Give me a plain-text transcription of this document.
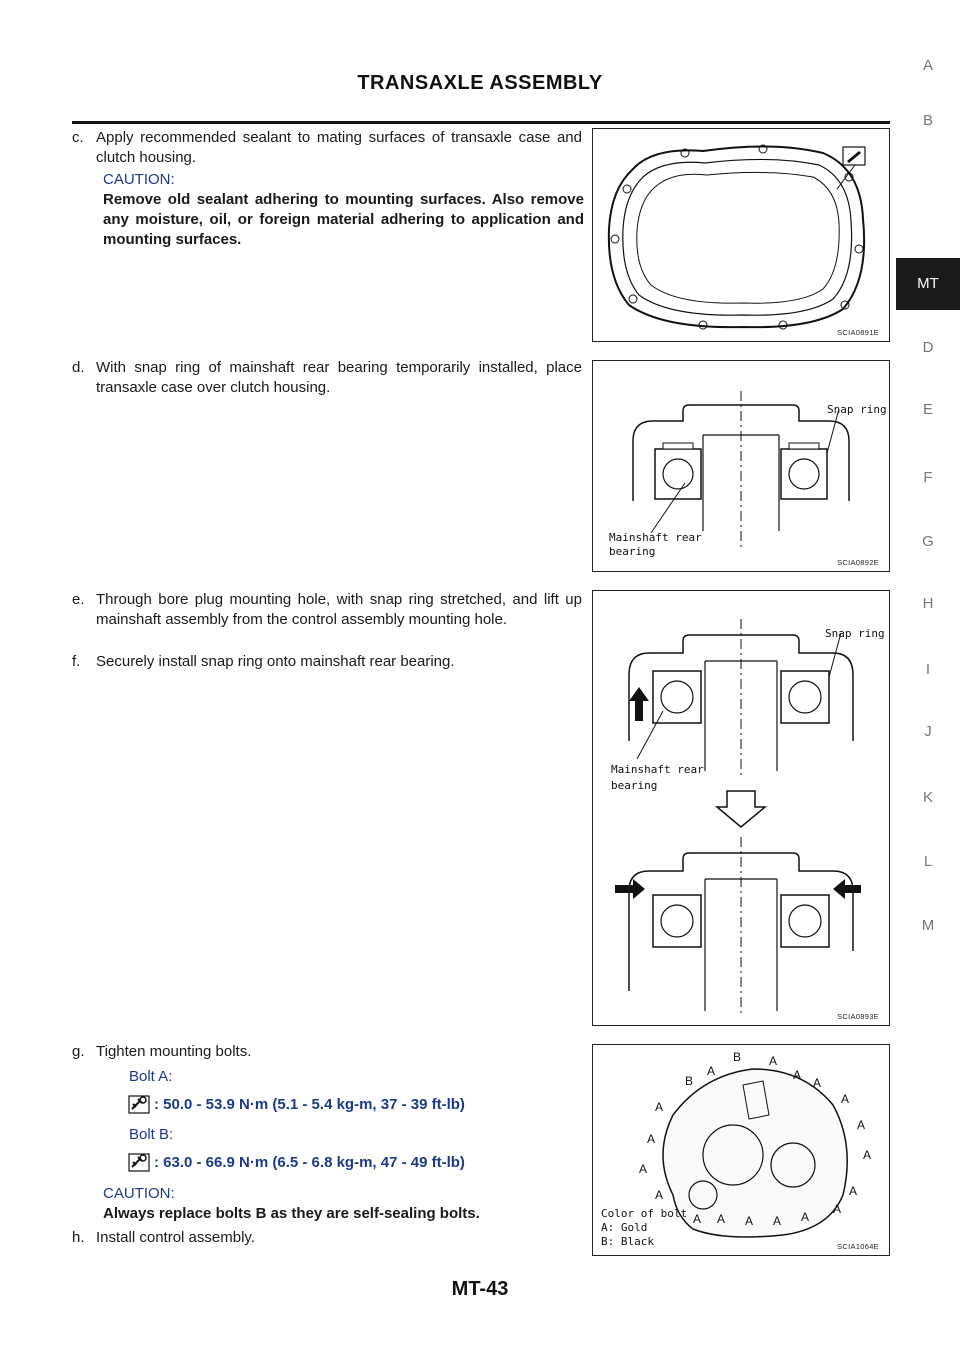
TRANSAXLE ASSEMBLY
A
B
MT
D
E
F
G
H
I
J
K
L
M
c. Apply recommended sealant to mating surfaces of transaxle case and clutch housing.
CAUTION:
Remove old sealant adhering to mounting surfaces. Also remove any moisture, oil, or foreign material adhering to application and mounting surfaces.
d. With snap ring of mainshaft rear bearing temporarily installed, place transaxle case over clutch housing.
e. Through bore plug mounting hole, with snap ring stretched, and lift up mainshaft assembly from the control assembly mounting hole.
f. Securely install snap ring onto mainshaft rear bearing.
g. Tighten mounting bolts.
Bolt A:
: 50.0 - 53.9 N·m (5.1 - 5.4 kg-m, 37 - 39 ft-lb)
Bolt B:
: 63.0 - 66.9 N·m (6.5 - 6.8 kg-m, 47 - 49 ft-lb)
CAUTION:
Always replace bolts B as they are self-sealing bolts.
h. Install control assembly.
SCIA0891E
Snap ring
Mainshaft rear
bearing
SCIA0892E
Snap ring
Mainshaft rear
bearing
SCIA0893E
B
B
A
A
A
A
A
A
A
A
A
A
A
A
A
A A A A A
Color of bolt
A: Gold
B: Black	SCIA1064E
MT-43
